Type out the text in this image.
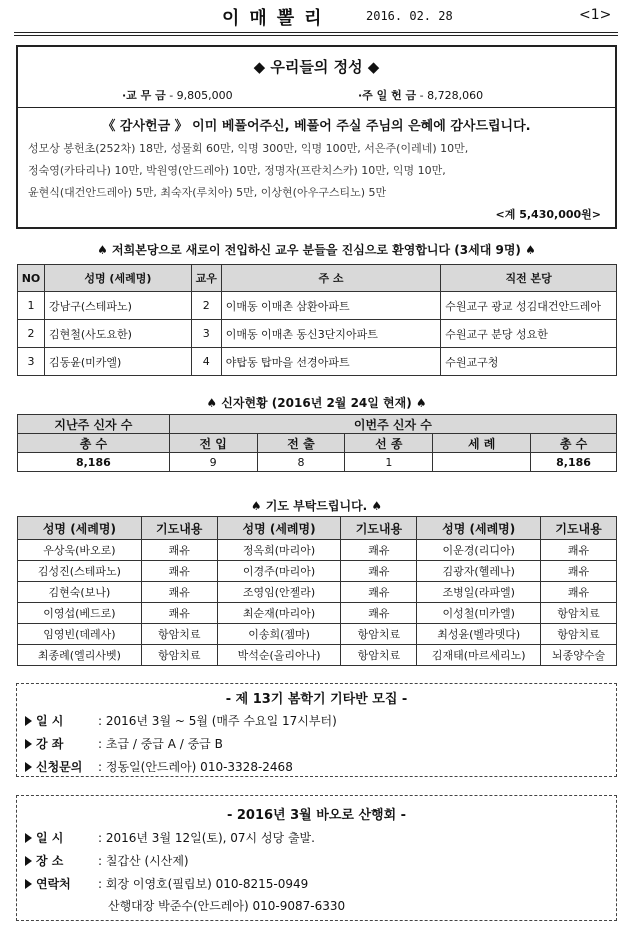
이매뽈리	2016. 02. 28	<1>
◆ 우리들의 정성 ◆
·교 무 금 - 9,805,000	·주 일 헌 금 - 8,728,060
《 감사헌금 》 이미 베풀어주신, 베풀어 주실 주님의 은혜에 감사드립니다.
성모상 봉헌초(252차) 18만, 성물회 60만, 익명 300만, 익명 100만, 서은주(이레네) 10만,
정숙영(카타리나) 10만, 박원영(안드레아) 10만, 정명자(프란치스카) 10만, 익명 10만,
윤현식(대건안드레아) 5만, 최숙자(루치아) 5만, 이상현(아우구스티노) 5만
<계 5,430,000원>
♠ 저희본당으로 새로이 전입하신 교우 분들을 진심으로 환영합니다 (3세대 9명) ♠
NO	성명 (세례명)	교우	주 소	직전 본당
1	강남구(스테파노)	2	이매동 이매촌 삼환아파트	수원교구 광교 성김대건안드레아
2	김현철(사도요한)	3	이매동 이매촌 동신3단지아파트	수원교구 분당 성요한
3	김동윤(미카엘)	4	야탑동 탑마을 선경아파트	수원교구청
♠ 신자현황 (2016년 2월 24일 현재) ♠
지난주 신자 수	이번주 신자 수				
총 수	전 입	전 출	선 종	세 례	총 수
8,186	9	8	1		8,186
♠ 기도 부탁드립니다. ♠
성명 (세례명)	기도내용	성명 (세례명)	기도내용	성명 (세례명)	기도내용
우상욱(바오로)	쾌유	정옥희(마리아)	쾌유	이운경(리디아)	쾌유
김성진(스테파노)	쾌유	이경주(마리아)	쾌유	김광자(헬레나)	쾌유
김현숙(보나)	쾌유	조영임(안젤라)	쾌유	조병일(라파엘)	쾌유
이영섭(베드로)	쾌유	최순재(마리아)	쾌유	이성철(미카엘)	항암치료
임영빈(데레사)	항암치료	이송희(젬마)	항암치료	최성윤(벨라뎃다)	항암치료
최종례(엘리사벳)	항암치료	박석순(올리아나)	항암치료	김재태(마르세리노)	뇌종양수술
- 제 13기 봄학기 기타반 모집 -
일 시	: 2016년 3월 ~ 5월 (매주 수요일 17시부터)
강 좌	: 초급 / 중급 A / 중급 B
신청문의 : 정동일(안드레아) 010-3328-2468
- 2016년 3월 바오로 산행회 -
일 시	: 2016년 3월 12일(토), 07시 성당 출발.
장 소	: 칠갑산 (시산제)
연락처 : 회장 이영호(필립보) 010-8215-0949
산행대장 박준수(안드레아) 010-9087-6330
